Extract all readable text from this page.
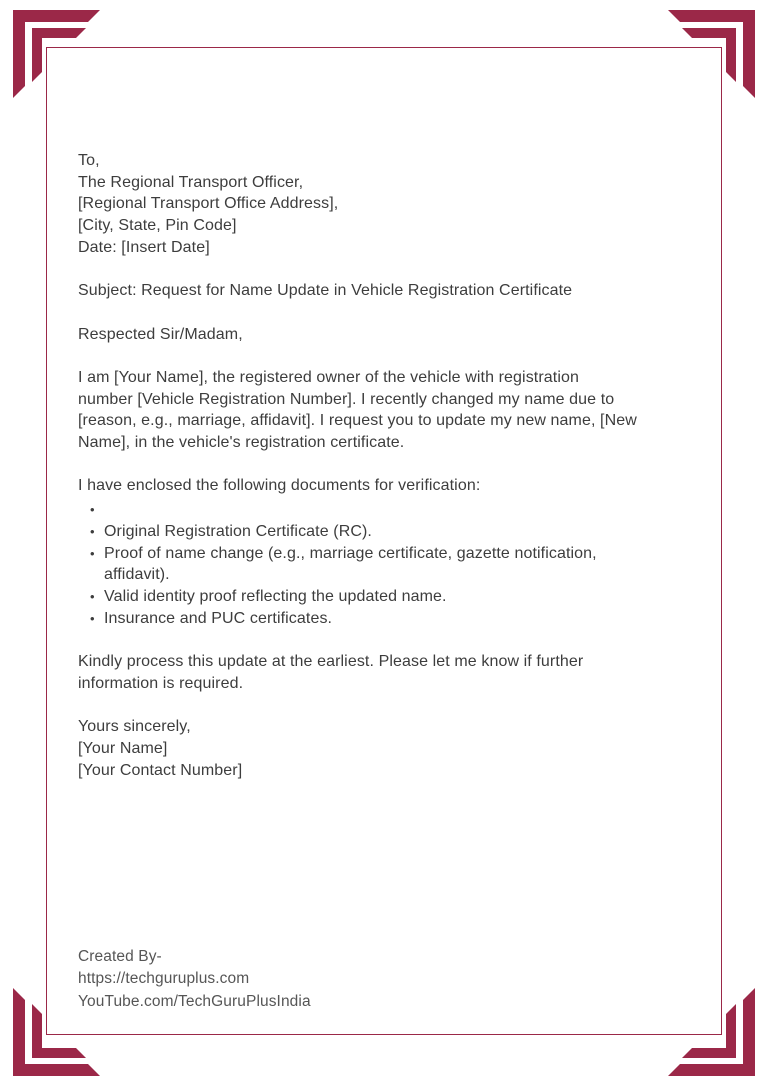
To,
The Regional Transport Officer,
[Regional Transport Office Address],
[City, State, Pin Code]
Date: [Insert Date]
Subject: Request for Name Update in Vehicle Registration Certificate
Respected Sir/Madam,
I am [Your Name], the registered owner of the vehicle with registration
number [Vehicle Registration Number]. I recently changed my name due to
[reason, e.g., marriage, affidavit]. I request you to update my new name, [New
Name], in the vehicle's registration certificate.
I have enclosed the following documents for verification:
•
• Original Registration Certificate (RC).
• Proof of name change (e.g., marriage certificate, gazette notification,
affidavit).
• Valid identity proof reflecting the updated name.
• Insurance and PUC certificates.
Kindly process this update at the earliest. Please let me know if further
information is required.
Yours sincerely,
[Your Name]
[Your Contact Number]
Created By-
https://techguruplus.com
YouTube.com/TechGuruPlusIndia
